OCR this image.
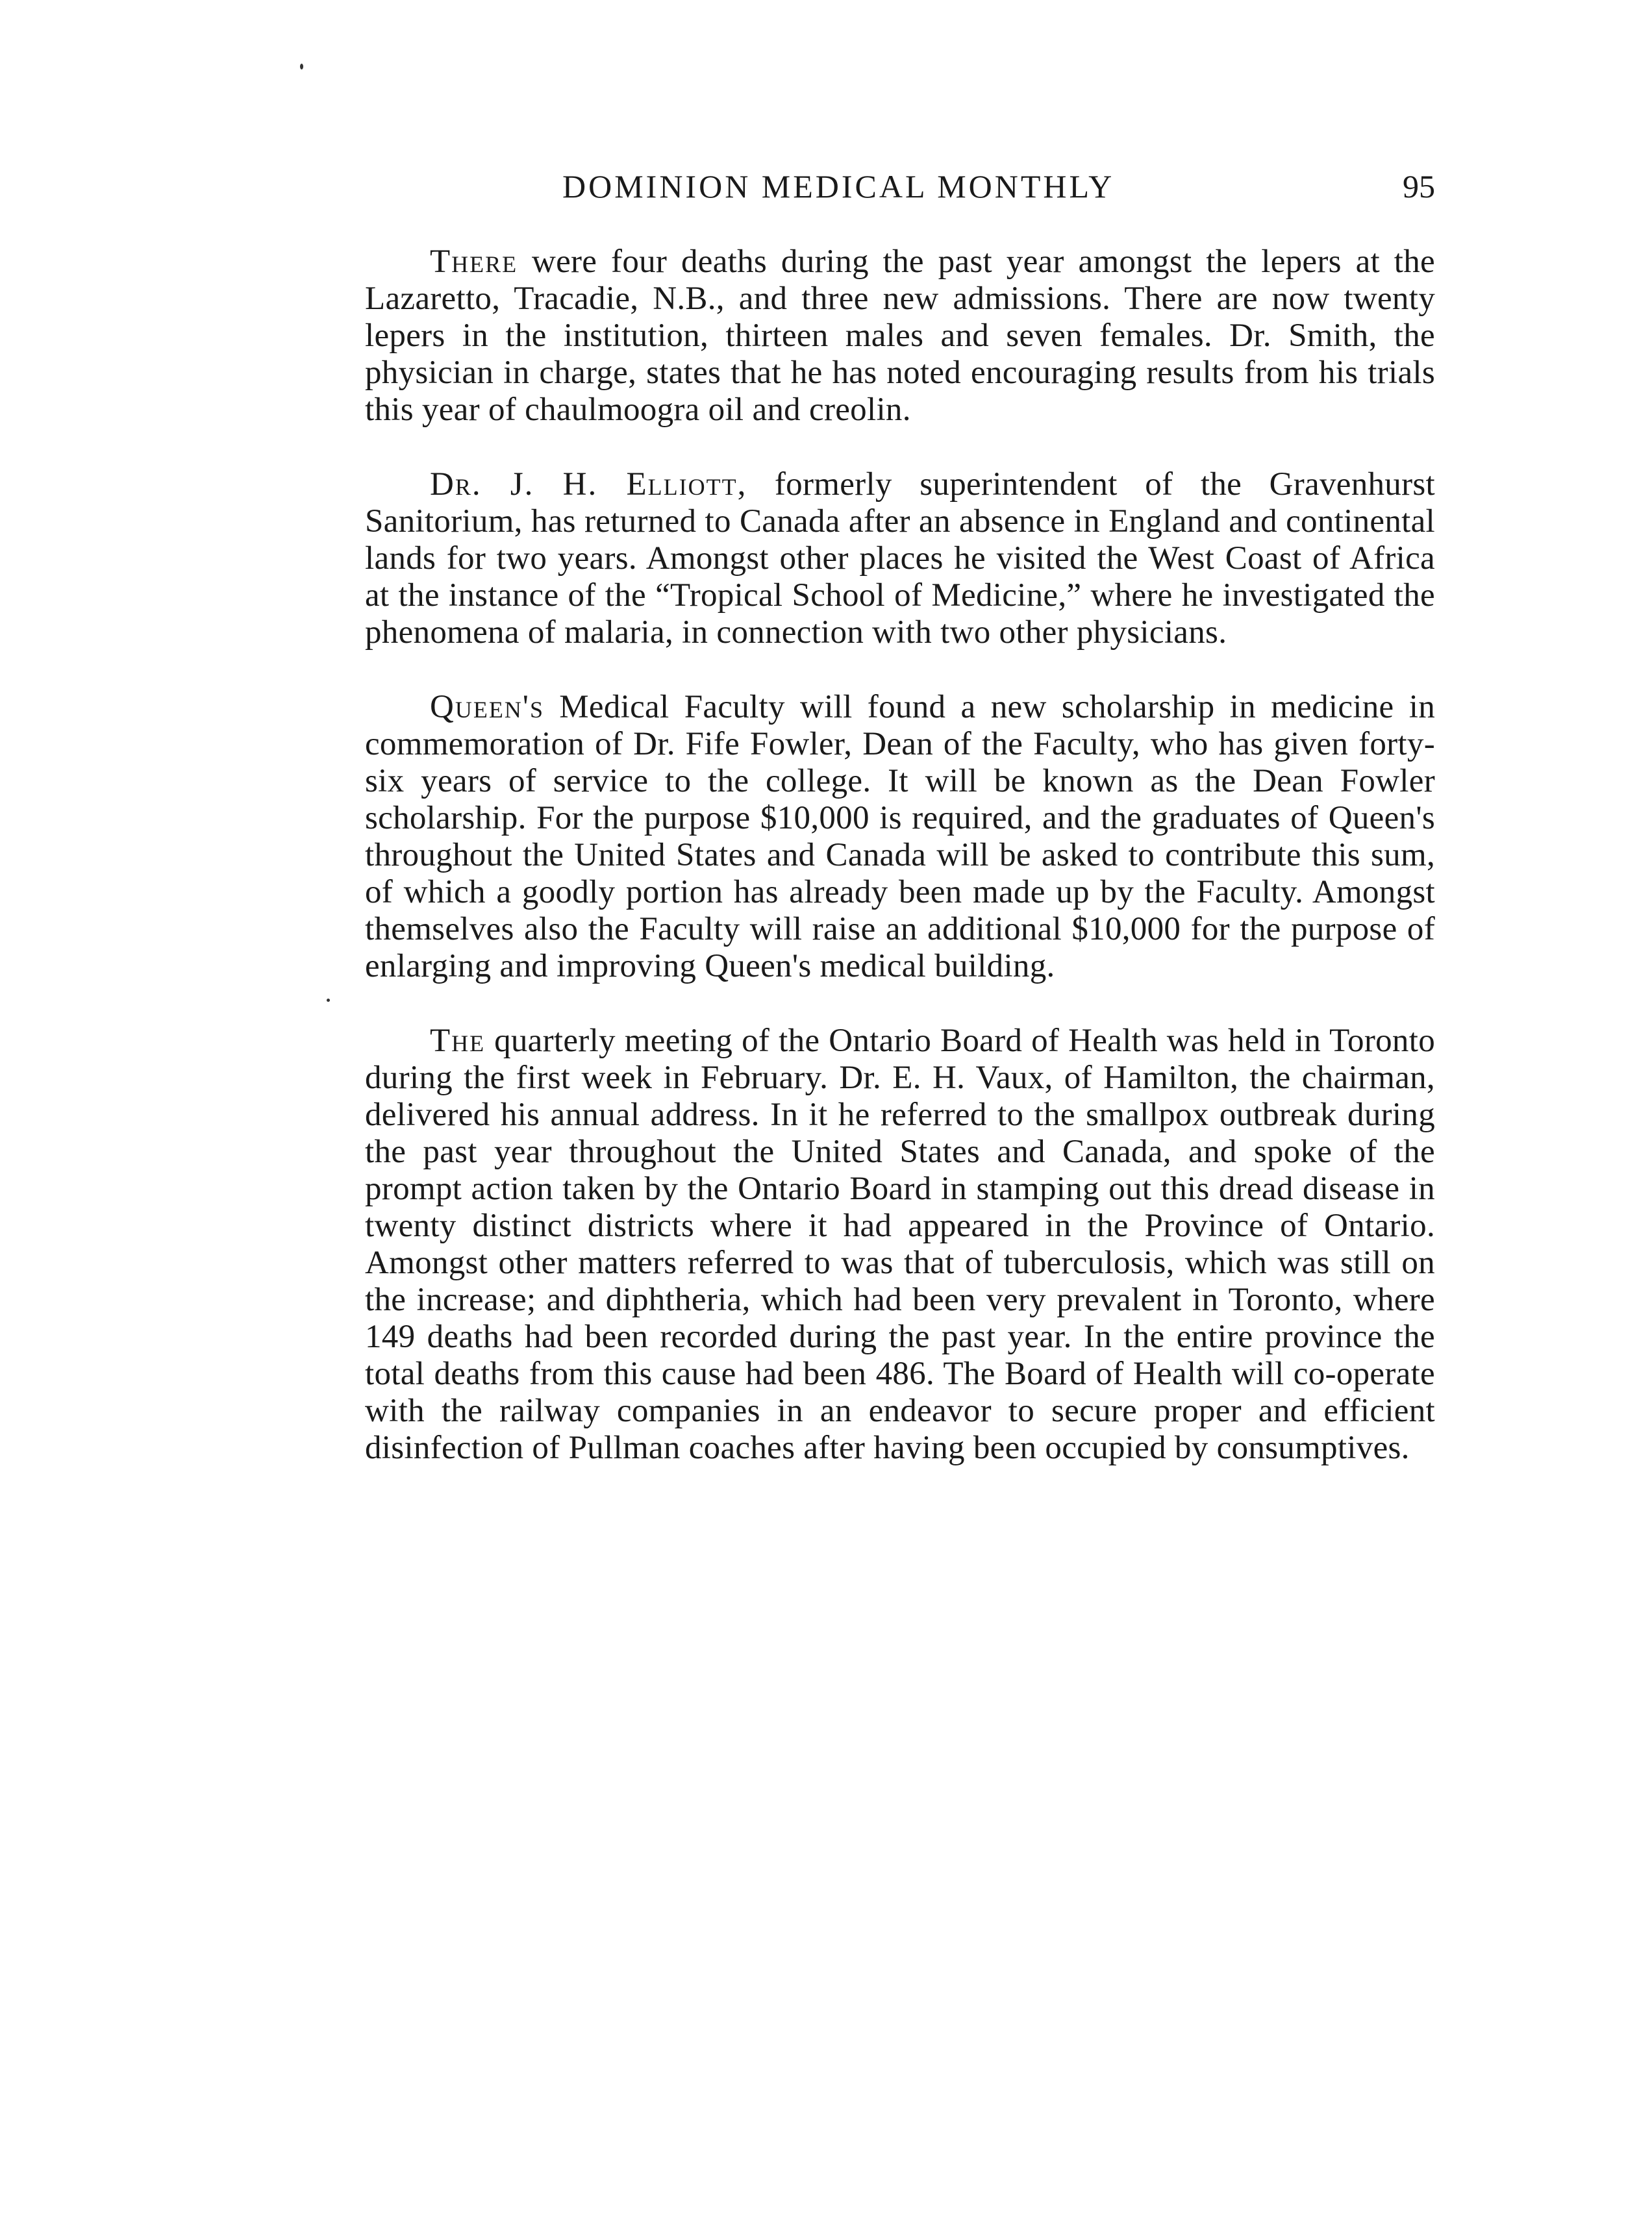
DOMINION MEDICAL MONTHLY	95

There were four deaths during the past year amongst the lepers at the Lazaretto, Tracadie, N.B., and three new admissions. There are now twenty lepers in the institution, thirteen males and seven females. Dr. Smith, the physician in charge, states that he has noted encouraging results from his trials this year of chaulmoogra oil and creolin.

Dr. J. H. Elliott, formerly superintendent of the Gravenhurst Sanitorium, has returned to Canada after an absence in England and continental lands for two years. Amongst other places he visited the West Coast of Africa at the instance of the “Tropical School of Medicine,” where he investigated the phenomena of malaria, in connection with two other physicians.

Queen's Medical Faculty will found a new scholarship in medicine in commemoration of Dr. Fife Fowler, Dean of the Faculty, who has given forty-six years of service to the college. It will be known as the Dean Fowler scholarship. For the purpose $10,000 is required, and the graduates of Queen's throughout the United States and Canada will be asked to contribute this sum, of which a goodly portion has already been made up by the Faculty. Amongst themselves also the Faculty will raise an additional $10,000 for the purpose of enlarging and improving Queen's medical building.

The quarterly meeting of the Ontario Board of Health was held in Toronto during the first week in February. Dr. E. H. Vaux, of Hamilton, the chairman, delivered his annual address. In it he referred to the smallpox outbreak during the past year throughout the United States and Canada, and spoke of the prompt action taken by the Ontario Board in stamping out this dread disease in twenty distinct districts where it had appeared in the Province of Ontario. Amongst other matters referred to was that of tuberculosis, which was still on the increase; and diphtheria, which had been very prevalent in Toronto, where 149 deaths had been recorded during the past year. In the entire province the total deaths from this cause had been 486. The Board of Health will co-operate with the railway companies in an endeavor to secure proper and efficient disinfection of Pullman coaches after having been occupied by consumptives.
